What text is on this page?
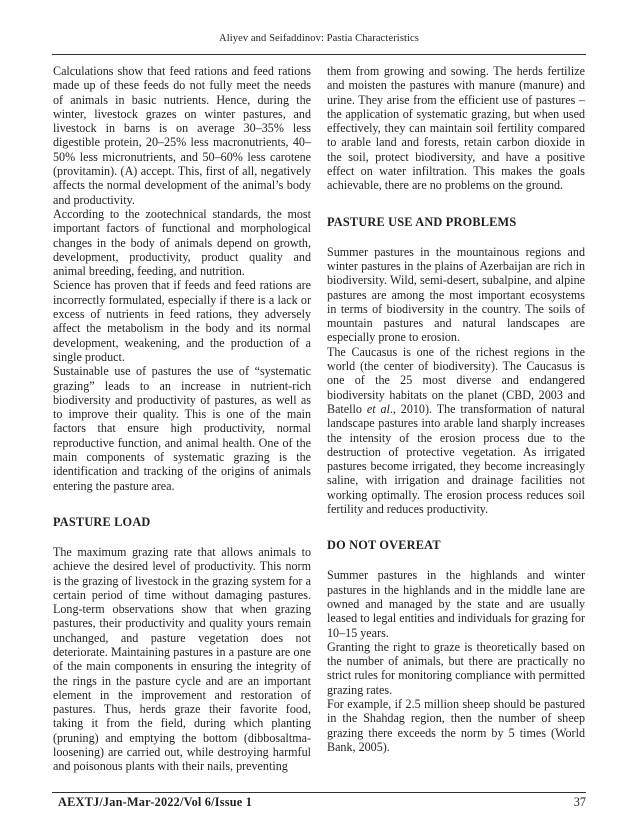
Aliyev and Seifaddinov: Pastia Characteristics

Calculations show that feed rations and feed rations made up of these feeds do not fully meet the needs of animals in basic nutrients. Hence, during the winter, livestock grazes on winter pastures, and livestock in barns is on average 30–35% less digestible protein, 20–25% less macronutrients, 40–50% less micronutrients, and 50–60% less carotene (provitamin). (A) accept. This, first of all, negatively affects the normal development of the animal’s body and productivity.

According to the zootechnical standards, the most important factors of functional and morphological changes in the body of animals depend on growth, development, productivity, product quality and animal breeding, feeding, and nutrition.

Science has proven that if feeds and feed rations are incorrectly formulated, especially if there is a lack or excess of nutrients in feed rations, they adversely affect the metabolism in the body and its normal development, weakening, and the production of a single product.

Sustainable use of pastures the use of “systematic grazing” leads to an increase in nutrient-rich biodiversity and productivity of pastures, as well as to improve their quality. This is one of the main factors that ensure high productivity, normal reproductive function, and animal health. One of the main components of systematic grazing is the identification and tracking of the origins of animals entering the pasture area.

PASTURE LOAD

The maximum grazing rate that allows animals to achieve the desired level of productivity. This norm is the grazing of livestock in the grazing system for a certain period of time without damaging pastures. Long-term observations show that when grazing pastures, their productivity and quality yours remain unchanged, and pasture vegetation does not deteriorate. Maintaining pastures in a pasture are one of the main components in ensuring the integrity of the rings in the pasture cycle and are an important element in the improvement and restoration of pastures. Thus, herds graze their favorite food, taking it from the field, during which planting (pruning) and emptying the bottom (dibbosaltma-loosening) are carried out, while destroying harmful and poisonous plants with their nails, preventing

them from growing and sowing. The herds fertilize and moisten the pastures with manure (manure) and urine. They arise from the efficient use of pastures – the application of systematic grazing, but when used effectively, they can maintain soil fertility compared to arable land and forests, retain carbon dioxide in the soil, protect biodiversity, and have a positive effect on water infiltration. This makes the goals achievable, there are no problems on the ground.

PASTURE USE AND PROBLEMS

Summer pastures in the mountainous regions and winter pastures in the plains of Azerbaijan are rich in biodiversity. Wild, semi-desert, subalpine, and alpine pastures are among the most important ecosystems in terms of biodiversity in the country. The soils of mountain pastures and natural landscapes are especially prone to erosion.

The Caucasus is one of the richest regions in the world (the center of biodiversity). The Caucasus is one of the 25 most diverse and endangered biodiversity habitats on the planet (CBD, 2003 and Batello et al., 2010). The transformation of natural landscape pastures into arable land sharply increases the intensity of the erosion process due to the destruction of protective vegetation. As irrigated pastures become irrigated, they become increasingly saline, with irrigation and drainage facilities not working optimally. The erosion process reduces soil fertility and reduces productivity.

DO NOT OVEREAT

Summer pastures in the highlands and winter pastures in the highlands and in the middle lane are owned and managed by the state and are usually leased to legal entities and individuals for grazing for 10–15 years.

Granting the right to graze is theoretically based on the number of animals, but there are practically no strict rules for monitoring compliance with permitted grazing rates.

For example, if 2.5 million sheep should be pastured in the Shahdag region, then the number of sheep grazing there exceeds the norm by 5 times (World Bank, 2005).

AEXTJ/Jan-Mar-2022/Vol 6/Issue 1	37
